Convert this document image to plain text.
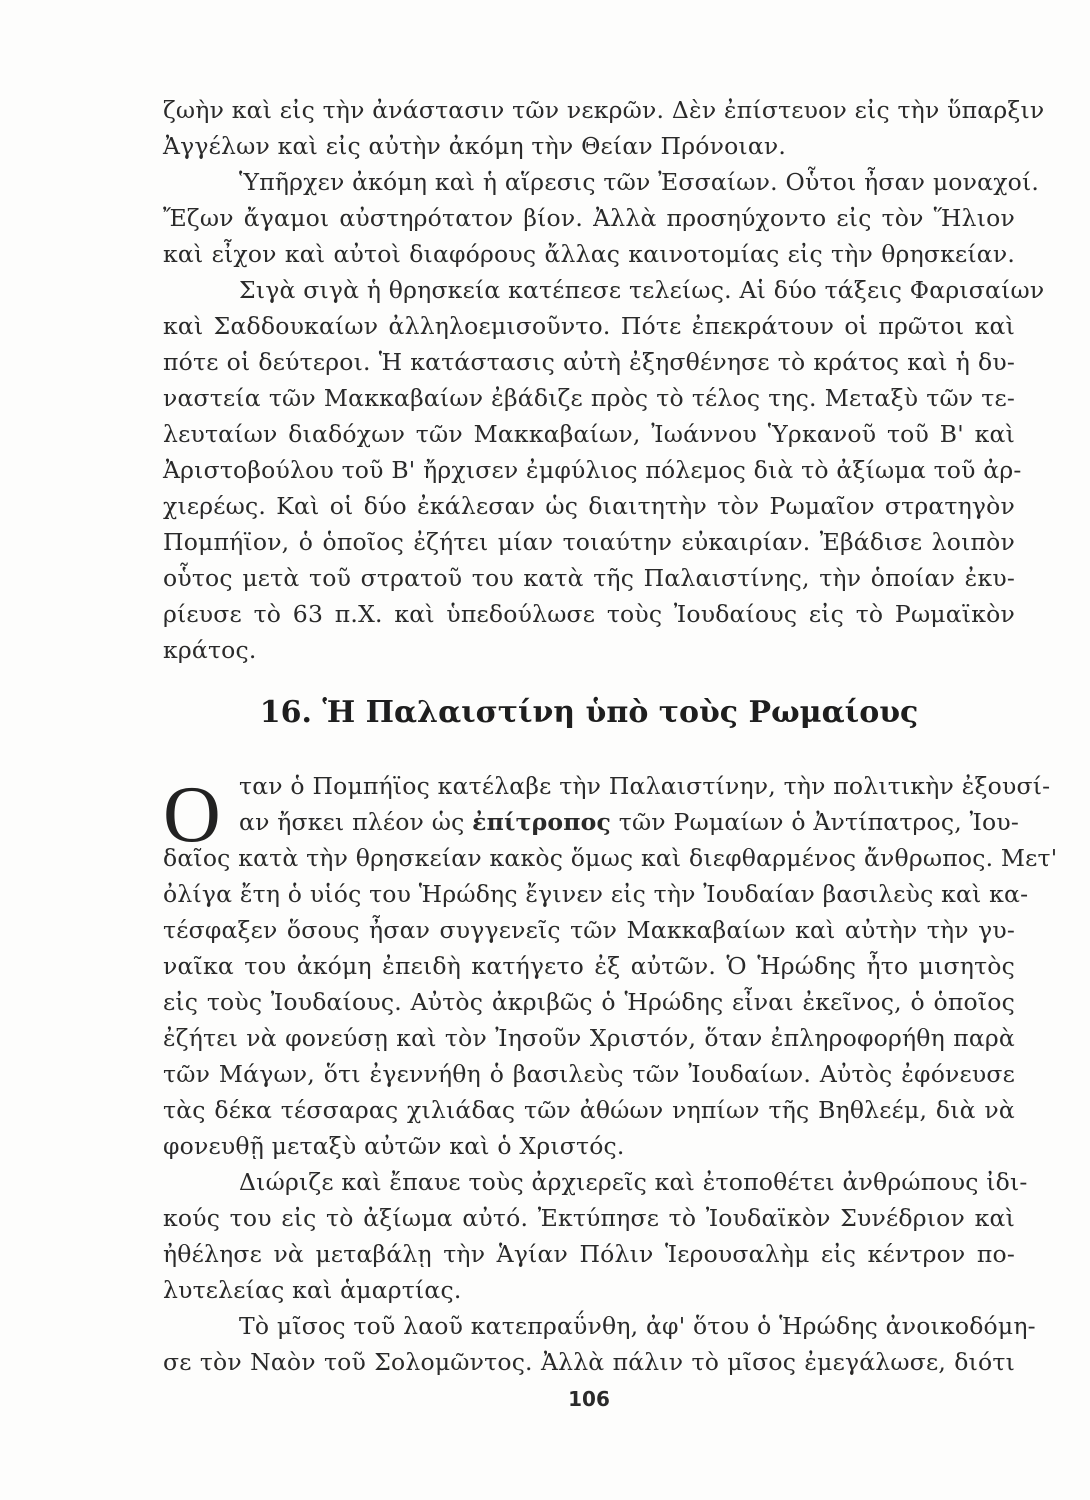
ζωὴν καὶ εἰς τὴν ἀνάστασιν τῶν νεκρῶν. Δὲν ἐπίστευον εἰς τὴν ὕπαρξιν
Ἀγγέλων καὶ εἰς αὐτὴν ἀκόμη τὴν Θείαν Πρόνοιαν.
Ὑπῆρχεν ἀκόμη καὶ ἡ αἵρεσις τῶν Ἐσσαίων. Οὗτοι ἦσαν μοναχοί.
Ἔζων ἄγαμοι αὐστηρότατον βίον. Ἀλλὰ προσηύχοντο εἰς τὸν Ἥλιον
καὶ εἶχον καὶ αὐτοὶ διαφόρους ἄλλας καινοτομίας εἰς τὴν θρησκείαν.
Σιγὰ σιγὰ ἡ θρησκεία κατέπεσε τελείως. Αἱ δύο τάξεις Φαρισαίων
καὶ Σαδδουκαίων ἀλληλοεμισοῦντο. Πότε ἐπεκράτουν οἱ πρῶτοι καὶ
πότε οἱ δεύτεροι. Ἡ κατάστασις αὐτὴ ἐξησθένησε τὸ κράτος καὶ ἡ δυ-
ναστεία τῶν Μακκαβαίων ἐβάδιζε πρὸς τὸ τέλος της. Μεταξὺ τῶν τε-
λευταίων διαδόχων τῶν Μακκαβαίων, Ἰωάννου Ὑρκανοῦ τοῦ Β' καὶ
Ἀριστοβούλου τοῦ Β' ἤρχισεν ἐμφύλιος πόλεμος διὰ τὸ ἀξίωμα τοῦ ἀρ-
χιερέως. Καὶ οἱ δύο ἐκάλεσαν ὡς διαιτητὴν τὸν Ρωμαῖον στρατηγὸν
Πομπήϊον, ὁ ὁποῖος ἐζήτει μίαν τοιαύτην εὐκαιρίαν. Ἐβάδισε λοιπὸν
οὗτος μετὰ τοῦ στρατοῦ του κατὰ τῆς Παλαιστίνης, τὴν ὁποίαν ἐκυ-
ρίευσε τὸ 63 π.Χ. καὶ ὑπεδούλωσε τοὺς Ἰουδαίους εἰς τὸ Ρωμαϊκὸν
κράτος.
16. Ἡ Παλαιστίνη ὑπὸ τοὺς Ρωμαίους
Ο ταν ὁ Πομπήϊος κατέλαβε τὴν Παλαιστίνην, τὴν πολιτικὴν ἐξουσί-
αν ἤσκει πλέον ὡς ἐπίτροπος τῶν Ρωμαίων ὁ Ἀντίπατρος, Ἰου-
δαῖος κατὰ τὴν θρησκείαν κακὸς ὅμως καὶ διεφθαρμένος ἄνθρωπος. Μετ'
ὀλίγα ἔτη ὁ υἱός του Ἡρώδης ἔγινεν εἰς τὴν Ἰουδαίαν βασιλεὺς καὶ κα-
τέσφαξεν ὅσους ἦσαν συγγενεῖς τῶν Μακκαβαίων καὶ αὐτὴν τὴν γυ-
ναῖκα του ἀκόμη ἐπειδὴ κατήγετο ἐξ αὐτῶν. Ὁ Ἡρώδης ἦτο μισητὸς
εἰς τοὺς Ἰουδαίους. Αὐτὸς ἀκριβῶς ὁ Ἡρώδης εἶναι ἐκεῖνος, ὁ ὁποῖος
ἐζήτει νὰ φονεύσῃ καὶ τὸν Ἰησοῦν Χριστόν, ὅταν ἐπληροφορήθη παρὰ
τῶν Μάγων, ὅτι ἐγεννήθη ὁ βασιλεὺς τῶν Ἰουδαίων. Αὐτὸς ἐφόνευσε
τὰς δέκα τέσσαρας χιλιάδας τῶν ἀθώων νηπίων τῆς Βηθλεέμ, διὰ νὰ
φονευθῇ μεταξὺ αὐτῶν καὶ ὁ Χριστός.
Διώριζε καὶ ἔπαυε τοὺς ἀρχιερεῖς καὶ ἐτοποθέτει ἀνθρώπους ἰδι-
κούς του εἰς τὸ ἀξίωμα αὐτό. Ἐκτύπησε τὸ Ἰουδαϊκὸν Συνέδριον καὶ
ἠθέλησε νὰ μεταβάλῃ τὴν Ἁγίαν Πόλιν Ἱερουσαλὴμ εἰς κέντρον πο-
λυτελείας καὶ ἁμαρτίας.
Τὸ μῖσος τοῦ λαοῦ κατεπραΰνθη, ἀφ' ὅτου ὁ Ἡρώδης ἀνοικοδόμη-
σε τὸν Ναὸν τοῦ Σολομῶντος. Ἀλλὰ πάλιν τὸ μῖσος ἐμεγάλωσε, διότι
106
